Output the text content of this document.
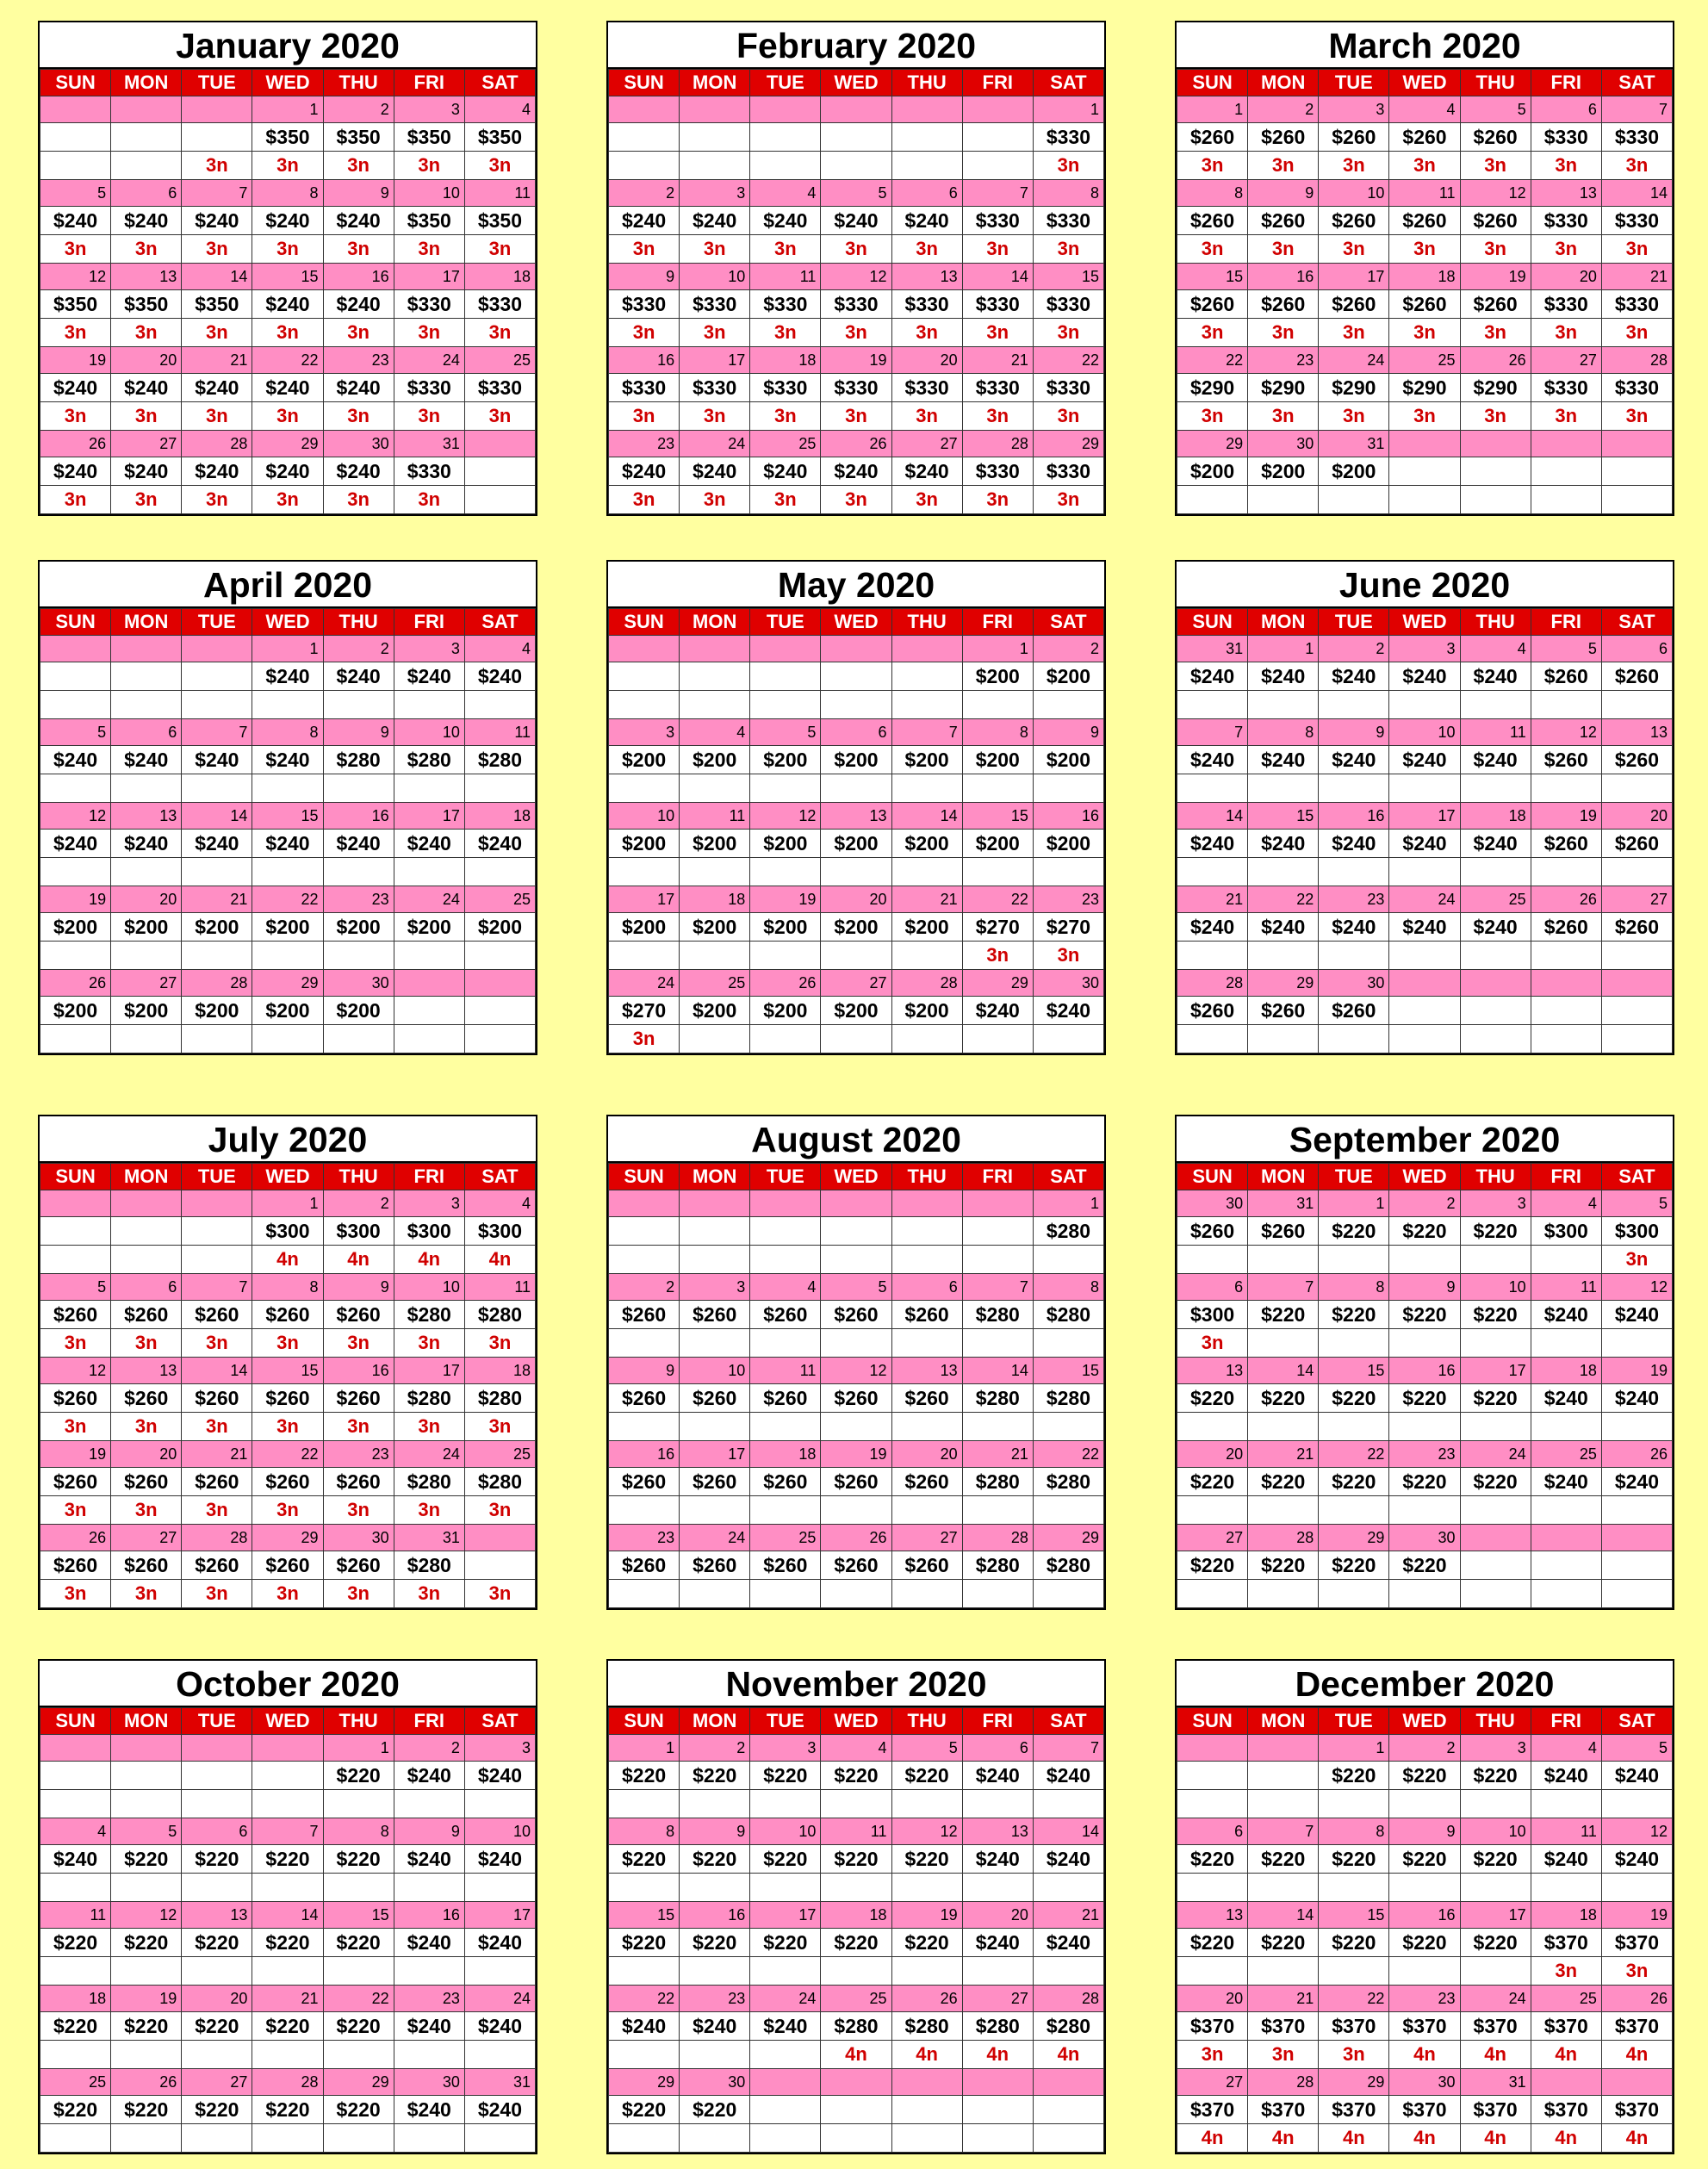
January 2020
SUN	MON	TUE	WED	THU	FRI	SAT
			1	2	3	4
			$350	$350	$350	$350
		3n	3n	3n	3n	3n
5	6	7	8	9	10	11
$240	$240	$240	$240	$240	$350	$350
3n	3n	3n	3n	3n	3n	3n
12	13	14	15	16	17	18
$350	$350	$350	$240	$240	$330	$330
3n	3n	3n	3n	3n	3n	3n
19	20	21	22	23	24	25
$240	$240	$240	$240	$240	$330	$330
3n	3n	3n	3n	3n	3n	3n
26	27	28	29	30	31	
$240	$240	$240	$240	$240	$330	
3n	3n	3n	3n	3n	3n	
February 2020
SUN	MON	TUE	WED	THU	FRI	SAT
						1
						$330
						3n
2	3	4	5	6	7	8
$240	$240	$240	$240	$240	$330	$330
3n	3n	3n	3n	3n	3n	3n
9	10	11	12	13	14	15
$330	$330	$330	$330	$330	$330	$330
3n	3n	3n	3n	3n	3n	3n
16	17	18	19	20	21	22
$330	$330	$330	$330	$330	$330	$330
3n	3n	3n	3n	3n	3n	3n
23	24	25	26	27	28	29
$240	$240	$240	$240	$240	$330	$330
3n	3n	3n	3n	3n	3n	3n
March 2020
SUN	MON	TUE	WED	THU	FRI	SAT
1	2	3	4	5	6	7
$260	$260	$260	$260	$260	$330	$330
3n	3n	3n	3n	3n	3n	3n
8	9	10	11	12	13	14
$260	$260	$260	$260	$260	$330	$330
3n	3n	3n	3n	3n	3n	3n
15	16	17	18	19	20	21
$260	$260	$260	$260	$260	$330	$330
3n	3n	3n	3n	3n	3n	3n
22	23	24	25	26	27	28
$290	$290	$290	$290	$290	$330	$330
3n	3n	3n	3n	3n	3n	3n
29	30	31				
$200	$200	$200				

April 2020
SUN	MON	TUE	WED	THU	FRI	SAT
			1	2	3	4
			$240	$240	$240	$240

5	6	7	8	9	10	11
$240	$240	$240	$240	$280	$280	$280

12	13	14	15	16	17	18
$240	$240	$240	$240	$240	$240	$240

19	20	21	22	23	24	25
$200	$200	$200	$200	$200	$200	$200

26	27	28	29	30		
$200	$200	$200	$200	$200		

May 2020
SUN	MON	TUE	WED	THU	FRI	SAT
					1	2
					$200	$200

3	4	5	6	7	8	9
$200	$200	$200	$200	$200	$200	$200

10	11	12	13	14	15	16
$200	$200	$200	$200	$200	$200	$200

17	18	19	20	21	22	23
$200	$200	$200	$200	$200	$270	$270
					3n	3n
24	25	26	27	28	29	30
$270	$200	$200	$200	$200	$240	$240
3n						
June 2020
SUN	MON	TUE	WED	THU	FRI	SAT
31	1	2	3	4	5	6
$240	$240	$240	$240	$240	$260	$260

7	8	9	10	11	12	13
$240	$240	$240	$240	$240	$260	$260

14	15	16	17	18	19	20
$240	$240	$240	$240	$240	$260	$260

21	22	23	24	25	26	27
$240	$240	$240	$240	$240	$260	$260

28	29	30				
$260	$260	$260				

July 2020
SUN	MON	TUE	WED	THU	FRI	SAT
			1	2	3	4
			$300	$300	$300	$300
			4n	4n	4n	4n
5	6	7	8	9	10	11
$260	$260	$260	$260	$260	$280	$280
3n	3n	3n	3n	3n	3n	3n
12	13	14	15	16	17	18
$260	$260	$260	$260	$260	$280	$280
3n	3n	3n	3n	3n	3n	3n
19	20	21	22	23	24	25
$260	$260	$260	$260	$260	$280	$280
3n	3n	3n	3n	3n	3n	3n
26	27	28	29	30	31	
$260	$260	$260	$260	$260	$280	
3n	3n	3n	3n	3n	3n	3n
August 2020
SUN	MON	TUE	WED	THU	FRI	SAT
						1
						$280

2	3	4	5	6	7	8
$260	$260	$260	$260	$260	$280	$280

9	10	11	12	13	14	15
$260	$260	$260	$260	$260	$280	$280

16	17	18	19	20	21	22
$260	$260	$260	$260	$260	$280	$280

23	24	25	26	27	28	29
$260	$260	$260	$260	$260	$280	$280

September 2020
SUN	MON	TUE	WED	THU	FRI	SAT
30	31	1	2	3	4	5
$260	$260	$220	$220	$220	$300	$300
						3n
6	7	8	9	10	11	12
$300	$220	$220	$220	$220	$240	$240
3n						
13	14	15	16	17	18	19
$220	$220	$220	$220	$220	$240	$240

20	21	22	23	24	25	26
$220	$220	$220	$220	$220	$240	$240

27	28	29	30			
$220	$220	$220	$220			

October 2020
SUN	MON	TUE	WED	THU	FRI	SAT
				1	2	3
				$220	$240	$240

4	5	6	7	8	9	10
$240	$220	$220	$220	$220	$240	$240

11	12	13	14	15	16	17
$220	$220	$220	$220	$220	$240	$240

18	19	20	21	22	23	24
$220	$220	$220	$220	$220	$240	$240

25	26	27	28	29	30	31
$220	$220	$220	$220	$220	$240	$240

November 2020
SUN	MON	TUE	WED	THU	FRI	SAT
1	2	3	4	5	6	7
$220	$220	$220	$220	$220	$240	$240

8	9	10	11	12	13	14
$220	$220	$220	$220	$220	$240	$240

15	16	17	18	19	20	21
$220	$220	$220	$220	$220	$240	$240

22	23	24	25	26	27	28
$240	$240	$240	$280	$280	$280	$280
			4n	4n	4n	4n
29	30					
$220	$220					

December 2020
SUN	MON	TUE	WED	THU	FRI	SAT
		1	2	3	4	5
		$220	$220	$220	$240	$240

6	7	8	9	10	11	12
$220	$220	$220	$220	$220	$240	$240

13	14	15	16	17	18	19
$220	$220	$220	$220	$220	$370	$370
					3n	3n
20	21	22	23	24	25	26
$370	$370	$370	$370	$370	$370	$370
3n	3n	3n	4n	4n	4n	4n
27	28	29	30	31		
$370	$370	$370	$370	$370	$370	$370
4n	4n	4n	4n	4n	4n	4n
